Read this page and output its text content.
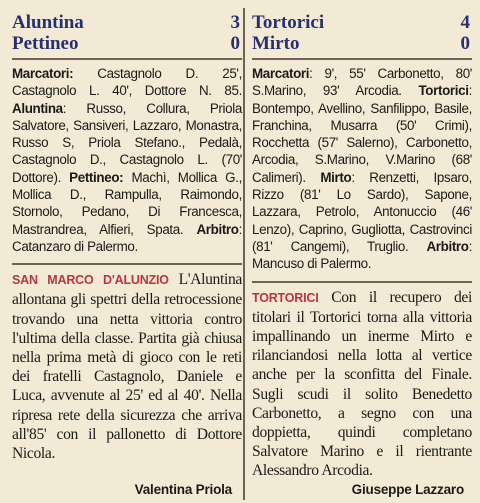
Aluntina	3
Pettineo	0
Marcatori: Castagnolo D. 25', Castagnolo L. 40', Dottore N. 85. Aluntina: Russo, Collura, Priola Salvatore, Sansiveri, Lazzaro, Monastra, Russo S, Priola Stefano., Pedalà, Castagnolo D., Castagnolo L. (70' Dottore). Pettineo: Machì, Mollica G., Mollica D., Rampulla, Raimondo, Stornolo, Pedano, Di Francesca, Mastrandrea, Alfieri, Spata. Arbitro: Catanzaro di Palermo.
SAN MARCO D'ALUNZIO L'Aluntina allontana gli spettri della retrocessione trovando una netta vittoria contro l'ultima della classe. Partita già chiusa nella prima metà di gioco con le reti dei fratelli Castagnolo, Daniele e Luca, avvenute al 25' ed al 40'. Nella ripresa rete della sicurezza che arriva all'85' con il pallonetto di Dottore Nicola.
Valentina Priola
Tortorici	4
Mirto	0
Marcatori: 9', 55' Carbonetto, 80' S.Marino, 93' Arcodia. Tortorici: Bontempo, Avellino, Sanfilippo, Basile, Franchina, Musarra (50' Crimi), Rocchetta (57' Salerno), Carbonetto, Arcodia, S.Marino, V.Marino (68' Calimeri). Mirto: Renzetti, Ipsaro, Rizzo (81' Lo Sardo), Sapone, Lazzara, Petrolo, Antonuccio (46' Lenzo), Caprino, Gugliotta, Castrovinci (81' Cangemi), Truglio. Arbitro: Mancuso di Palermo.
TORTORICI Con il recupero dei titolari il Tortorici torna alla vittoria impallinando un inerme Mirto e rilanciandosi nella lotta al vertice anche per la sconfitta del Finale. Sugli scudi il solito Benedetto Carbonetto, a segno con una doppietta, quindi completano Salvatore Marino e il rientrante Alessandro Arcodia.
Giuseppe Lazzaro
